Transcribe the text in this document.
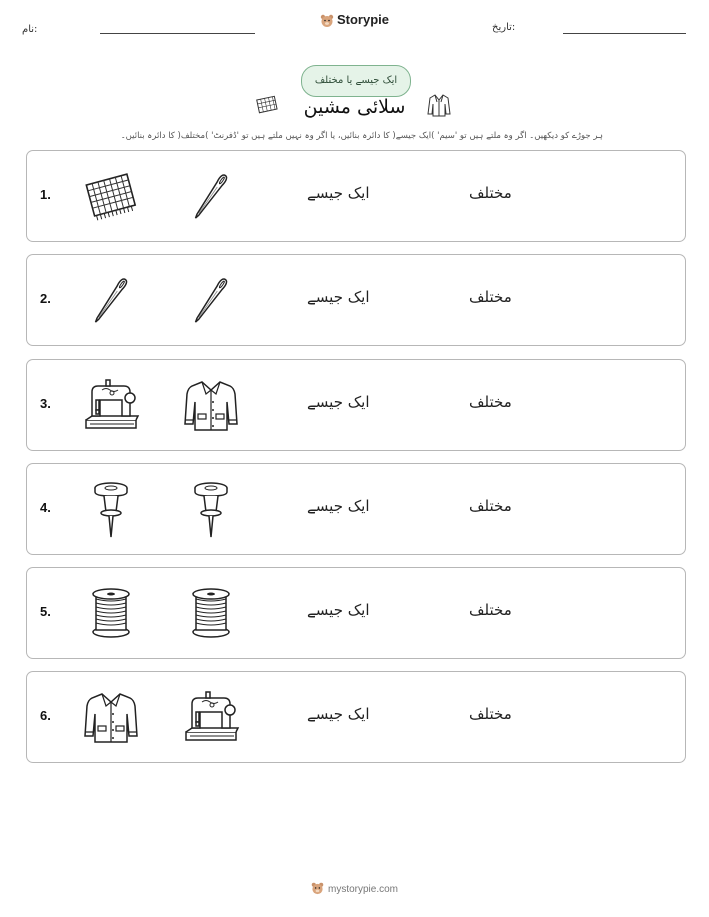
نام:
Storypie
تاریخ:
ایک جیسے یا مختلف
سلائی مشین
ہر جوڑے کو دیکھیں۔ اگر وہ ملتے ہیں تو 'سیم' )ایک جیسے( کا دائرہ بنائیں، یا اگر وہ نہیں ملتے ہیں تو 'ڈفرنٹ' )مختلف( کا دائرہ بنائیں۔
1.	ایک جیسے	مختلف
2.	ایک جیسے	مختلف
3.	ایک جیسے	مختلف
4.	ایک جیسے	مختلف
5.	ایک جیسے	مختلف
6.	ایک جیسے	مختلف
mystorypie.com
